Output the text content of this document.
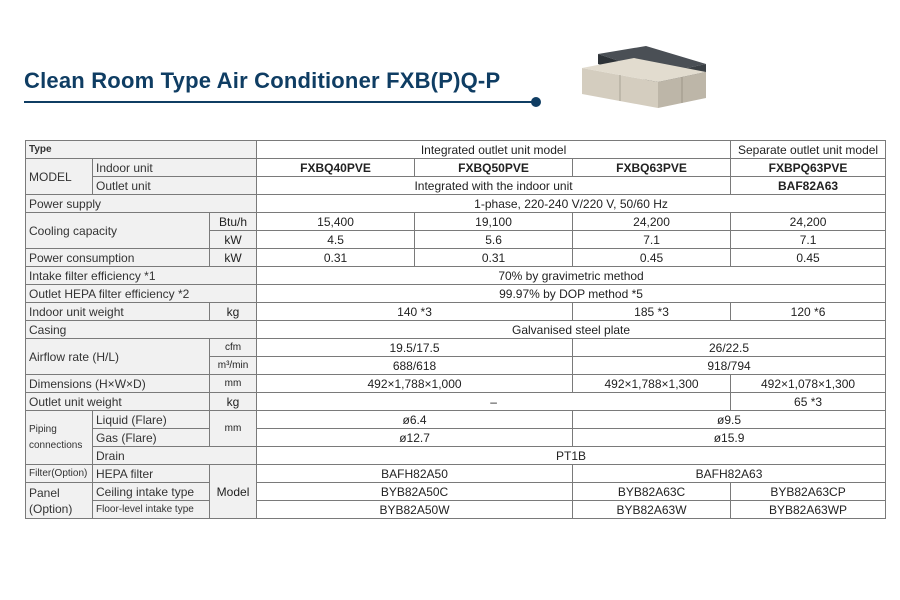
Clean Room Type Air Conditioner FXB(P)Q-P
Type			Integrated outlet unit model			Separate outlet unit model
MODEL	Indoor unit		FXBQ40PVE	FXBQ50PVE	FXBQ63PVE	FXBPQ63PVE
	Outlet unit		Integrated with the indoor unit			BAF82A63
Power supply			1-phase, 220-240 V/220 V, 50/60 Hz			
Cooling capacity		Btu/h	15,400	19,100	24,200	24,200
		kW	4.5	5.6	7.1	7.1
Power consumption		kW	0.31	0.31	0.45	0.45
Intake filter efficiency *1			70% by gravimetric method			
Outlet HEPA filter efficiency *2			99.97% by DOP method *5			
Indoor unit weight		kg	140 *3		185 *3	120 *6
Casing			Galvanised steel plate			
Airflow rate (H/L)		cfm	19.5/17.5		26/22.5	
		m³/min	688/618		918/794	
Dimensions (H×W×D)		mm	492×1,788×1,000		492×1,788×1,300	492×1,078×1,300
Outlet unit weight		kg	–			65 *3
Piping
connections	Liquid (Flare)	mm	ø6.4		ø9.5	
	Gas (Flare)		ø12.7		ø15.9	
	Drain		PT1B			
Filter(Option)	HEPA filter	Model	BAFH82A50		BAFH82A63	
Panel
(Option)	Ceiling intake type		BYB82A50C		BYB82A63C	BYB82A63CP
	Floor-level intake type		BYB82A50W		BYB82A63W	BYB82A63WP
